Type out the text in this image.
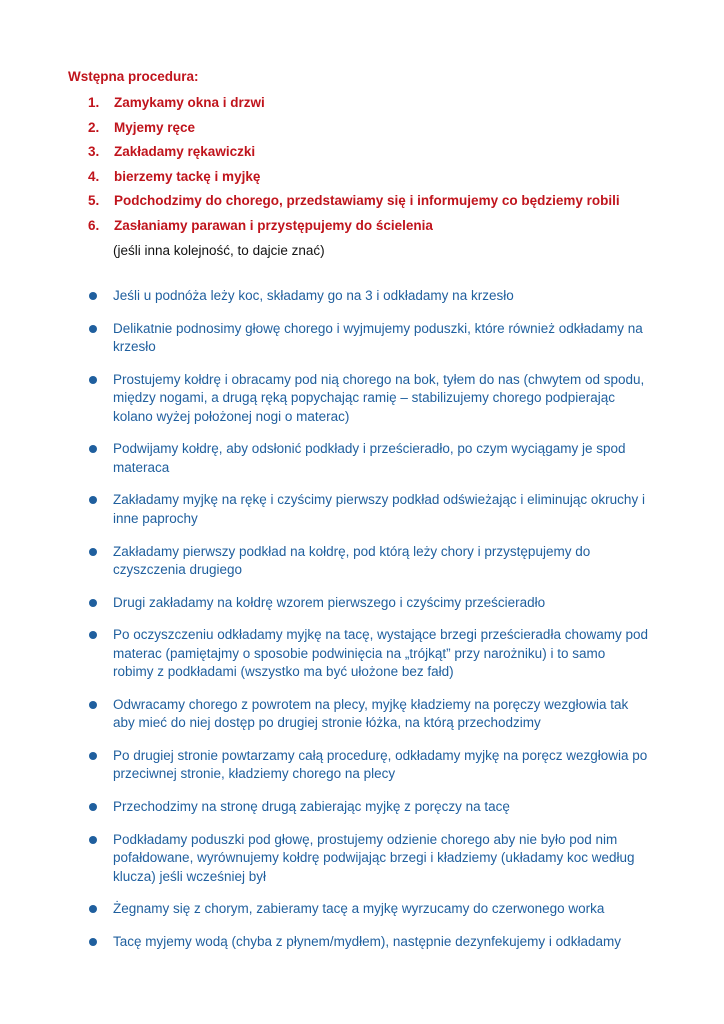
Wstępna procedura:
1. Zamykamy okna i drzwi
2. Myjemy ręce
3. Zakładamy rękawiczki
4. bierzemy tackę i myjkę
5. Podchodzimy do chorego, przedstawiamy się i informujemy co będziemy robili
6. Zasłaniamy parawan i przystępujemy do ścielenia
(jeśli inna kolejność, to dajcie znać)
Jeśli u podnóża leży koc, składamy go na 3 i odkładamy na krzesło
Delikatnie podnosimy głowę chorego i wyjmujemy poduszki, które również odkładamy na krzesło
Prostujemy kołdrę i obracamy pod nią chorego na bok, tyłem do nas (chwytem od spodu, między nogami, a drugą ręką popychając ramię – stabilizujemy chorego podpierając kolano wyżej położonej nogi o materac)
Podwijamy kołdrę, aby odsłonić podkłady i prześcieradło, po czym wyciągamy je spod materaca
Zakładamy myjkę na rękę i czyścimy pierwszy podkład odświeżając i eliminując okruchy i inne paprochy
Zakładamy pierwszy podkład na kołdrę, pod którą leży chory i przystępujemy do czyszczenia drugiego
Drugi zakładamy na kołdrę wzorem pierwszego i czyścimy prześcieradło
Po oczyszczeniu odkładamy myjkę na tacę, wystające brzegi prześcieradła chowamy pod materac (pamiętajmy o sposobie podwinięcia na „trójkąt” przy narożniku) i to samo robimy z podkładami (wszystko ma być ułożone bez fałd)
Odwracamy chorego z powrotem na plecy, myjkę kładziemy na poręczy wezgłowia tak aby mieć do niej dostęp po drugiej stronie łóżka, na którą przechodzimy
Po drugiej stronie powtarzamy całą procedurę, odkładamy myjkę na poręcz wezgłowia po przeciwnej stronie, kładziemy chorego na plecy
Przechodzimy na stronę drugą zabierając myjkę z poręczy na tacę
Podkładamy poduszki pod głowę, prostujemy odzienie chorego aby nie było pod nim pofałdowane, wyrównujemy kołdrę podwijając brzegi i kładziemy (układamy koc według klucza) jeśli wcześniej był
Żegnamy się z chorym, zabieramy tacę a myjkę wyrzucamy do czerwonego worka
Tacę myjemy wodą (chyba z płynem/mydłem), następnie dezynfekujemy i odkładamy
